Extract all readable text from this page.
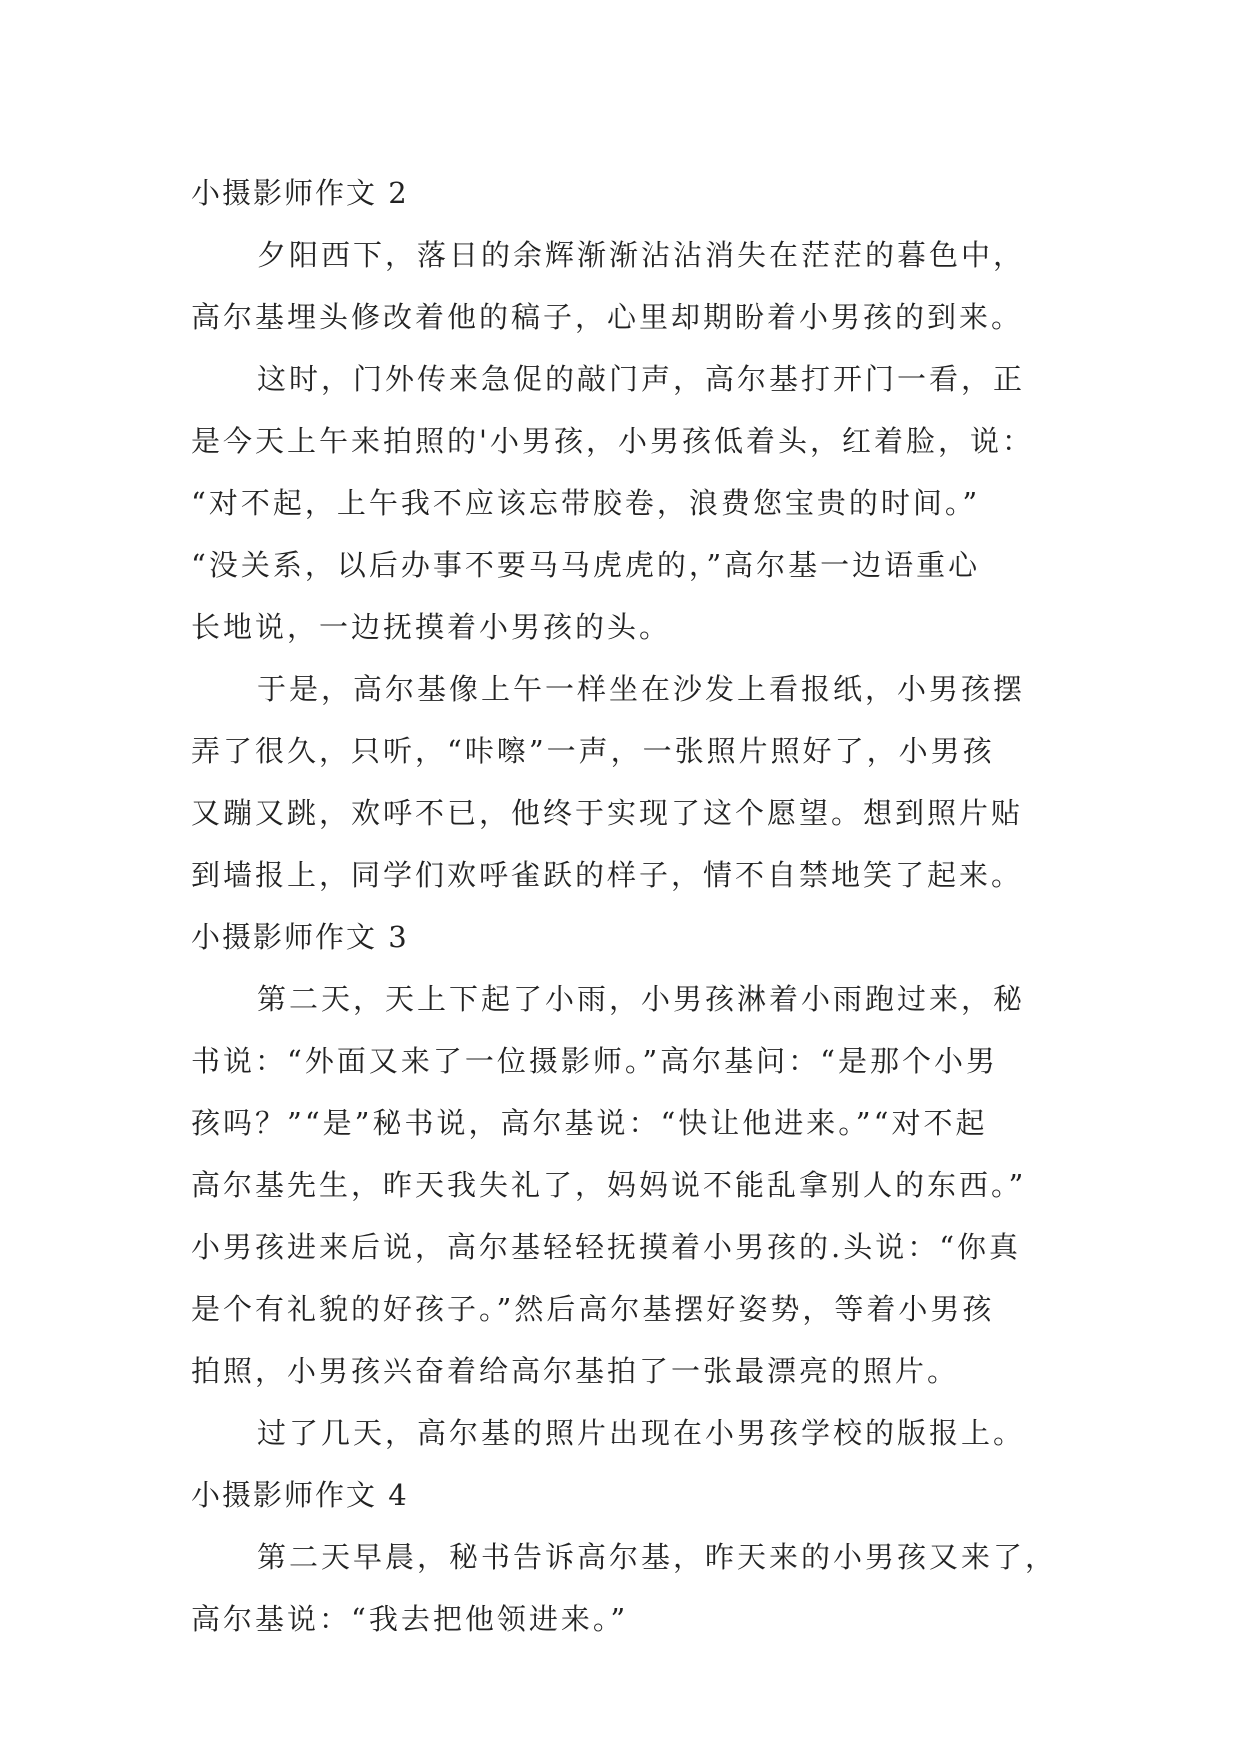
小摄影师作文 2
夕阳西下，落日的余辉渐渐沾沾消失在茫茫的暮色中，
高尔基埋头修改着他的稿子，心里却期盼着小男孩的到来。
这时，门外传来急促的敲门声，高尔基打开门一看，正
是今天上午来拍照的'小男孩，小男孩低着头，红着脸，说：
“对不起，上午我不应该忘带胶卷，浪费您宝贵的时间。”
“没关系，以后办事不要马马虎虎的，”高尔基一边语重心
长地说，一边抚摸着小男孩的头。
于是，高尔基像上午一样坐在沙发上看报纸，小男孩摆
弄了很久，只听，“咔嚓”一声，一张照片照好了，小男孩
又蹦又跳，欢呼不已，他终于实现了这个愿望。想到照片贴
到墙报上，同学们欢呼雀跃的样子，情不自禁地笑了起来。
小摄影师作文 3
第二天，天上下起了小雨，小男孩淋着小雨跑过来，秘
书说：“外面又来了一位摄影师。”高尔基问：“是那个小男
孩吗？”“是”秘书说，高尔基说：“快让他进来。”“对不起
高尔基先生，昨天我失礼了，妈妈说不能乱拿别人的东西。”
小男孩进来后说，高尔基轻轻抚摸着小男孩的.头说：“你真
是个有礼貌的好孩子。”然后高尔基摆好姿势，等着小男孩
拍照，小男孩兴奋着给高尔基拍了一张最漂亮的照片。
过了几天，高尔基的照片出现在小男孩学校的版报上。
小摄影师作文 4
第二天早晨，秘书告诉高尔基，昨天来的小男孩又来了，
高尔基说：“我去把他领进来。”
